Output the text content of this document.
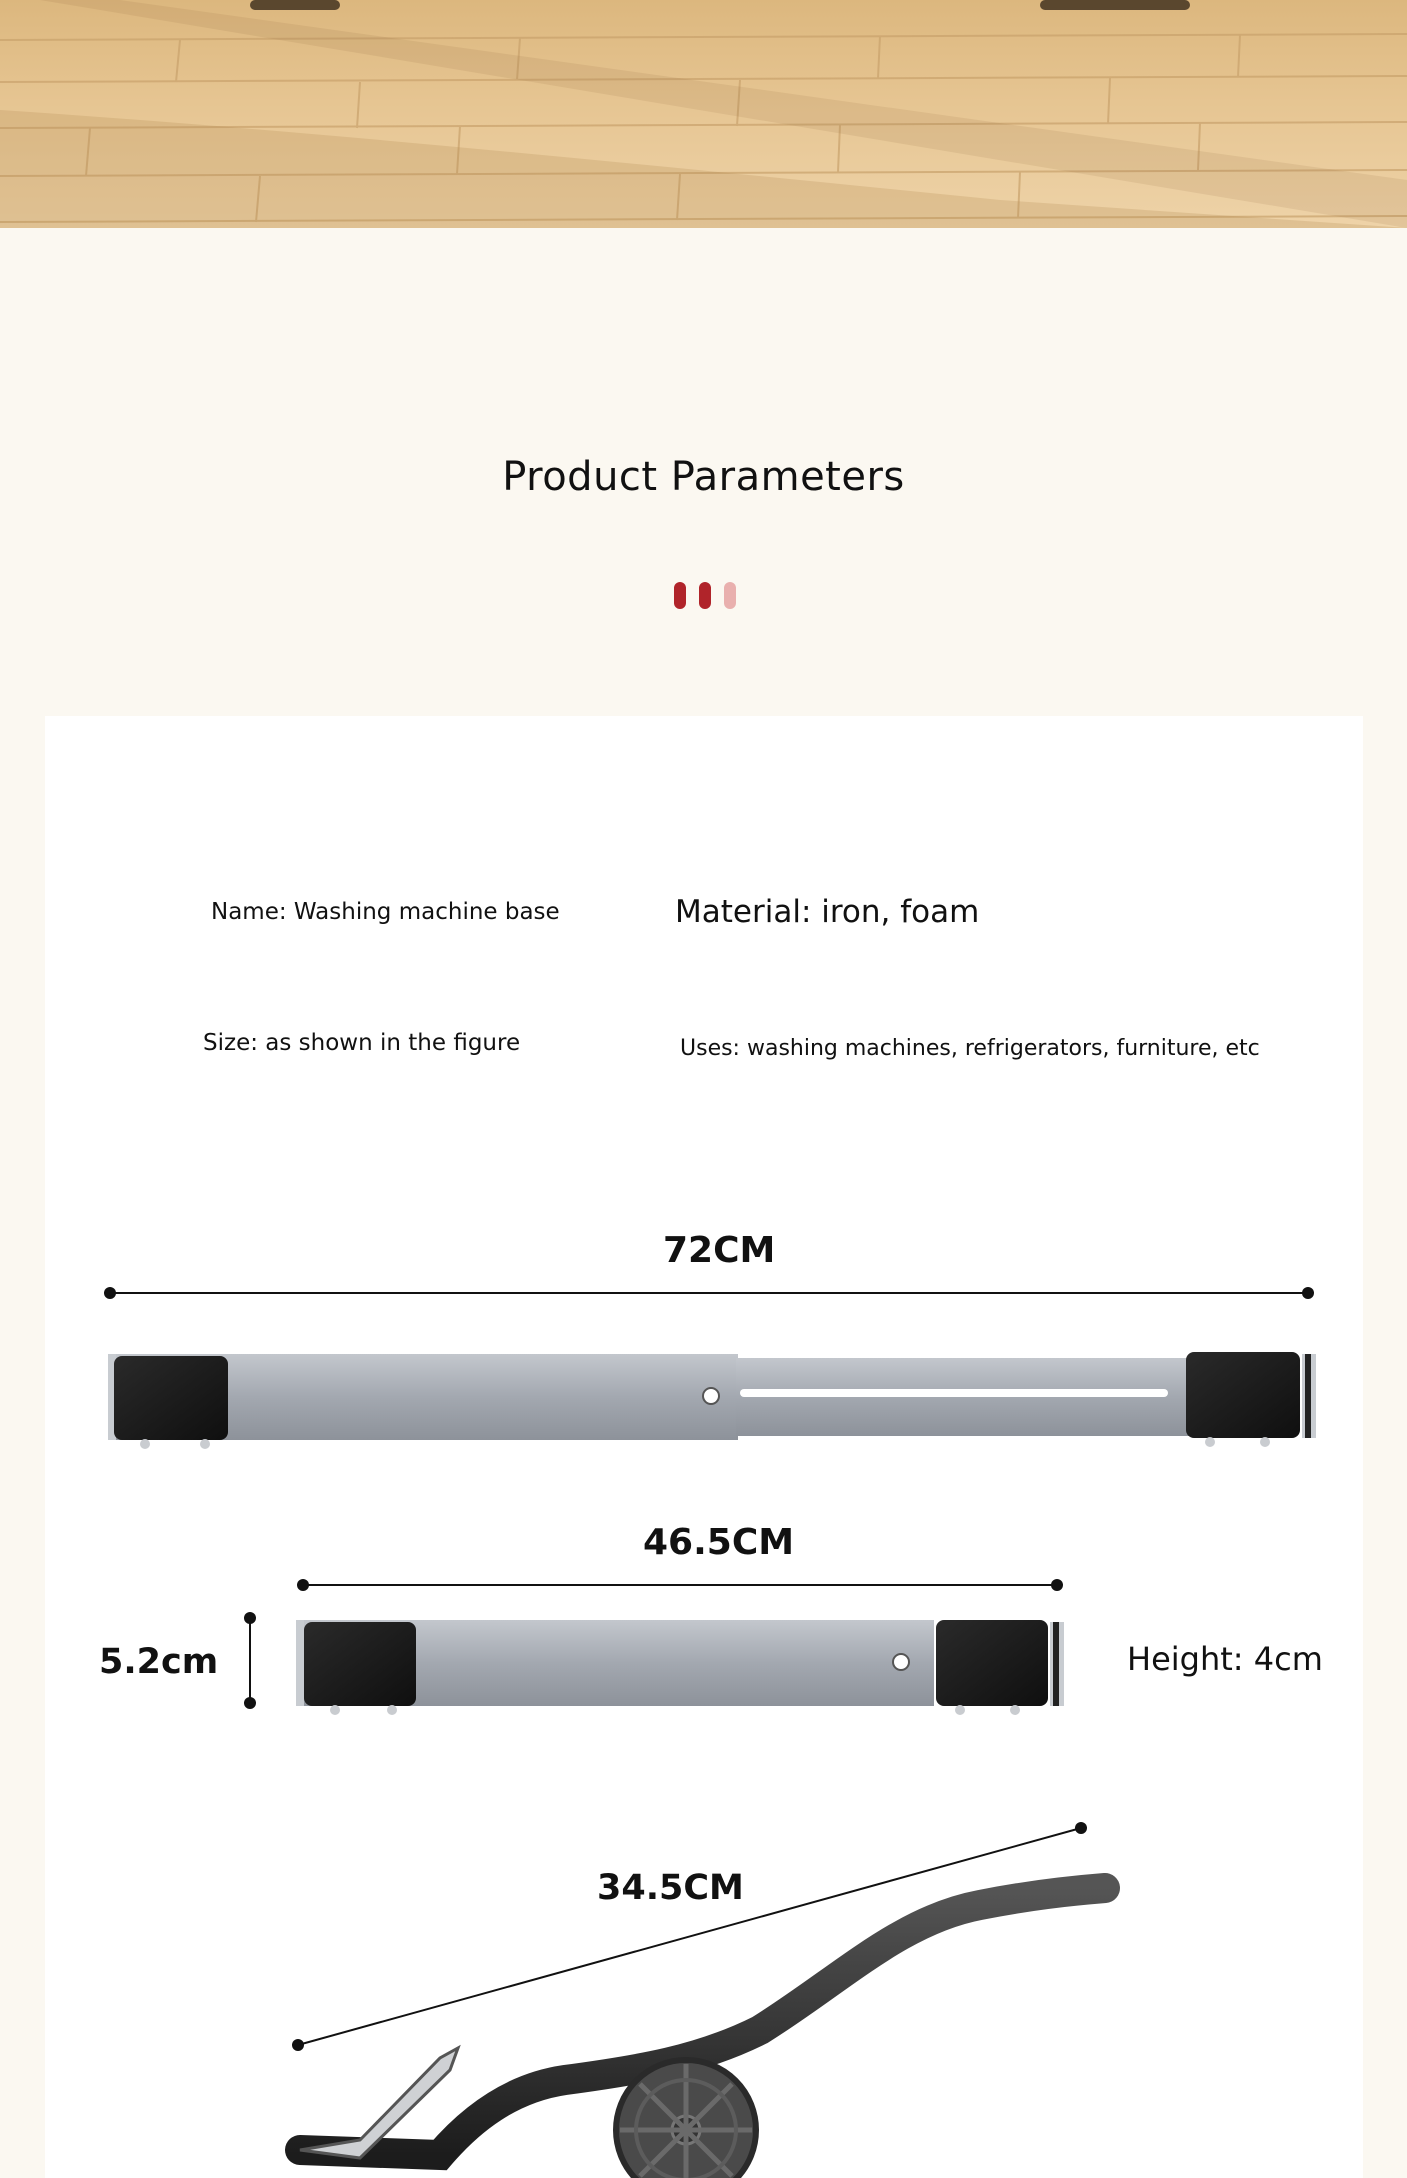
Product Parameters

Name: Washing machine base	Material: iron, foam

Size: as shown in the figure	Uses: washing machines, refrigerators, furniture, etc

72CM
46.5CM
5.2cm	Height: 4cm
34.5CM
